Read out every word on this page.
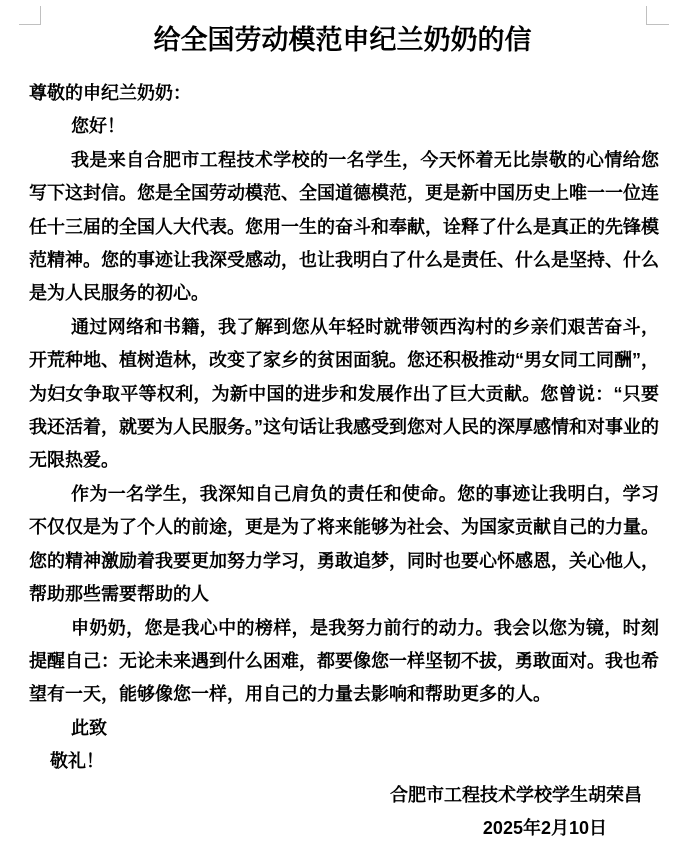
给全国劳动模范申纪兰奶奶的信

尊敬的申纪兰奶奶：

您好！

我是来自合肥市工程技术学校的一名学生，今天怀着无比崇敬的心情给您写下这封信。您是全国劳动模范、全国道德模范，更是新中国历史上唯一一位连任十三届的全国人大代表。您用一生的奋斗和奉献，诠释了什么是真正的先锋模范精神。您的事迹让我深受感动，也让我明白了什么是责任、什么是坚持、什么是为人民服务的初心。

通过网络和书籍，我了解到您从年轻时就带领西沟村的乡亲们艰苦奋斗，开荒种地、植树造林，改变了家乡的贫困面貌。您还积极推动“男女同工同酬”，为妇女争取平等权利，为新中国的进步和发展作出了巨大贡献。您曾说：“只要我还活着，就要为人民服务。”这句话让我感受到您对人民的深厚感情和对事业的无限热爱。

作为一名学生，我深知自己肩负的责任和使命。您的事迹让我明白，学习不仅仅是为了个人的前途，更是为了将来能够为社会、为国家贡献自己的力量。您的精神激励着我要更加努力学习，勇敢追梦，同时也要心怀感恩，关心他人，帮助那些需要帮助的人

申奶奶，您是我心中的榜样，是我努力前行的动力。我会以您为镜，时刻提醒自己：无论未来遇到什么困难，都要像您一样坚韧不拔，勇敢面对。我也希望有一天，能够像您一样，用自己的力量去影响和帮助更多的人。

此致

敬礼！

合肥市工程技术学校学生胡荣昌

2025年2月10日
